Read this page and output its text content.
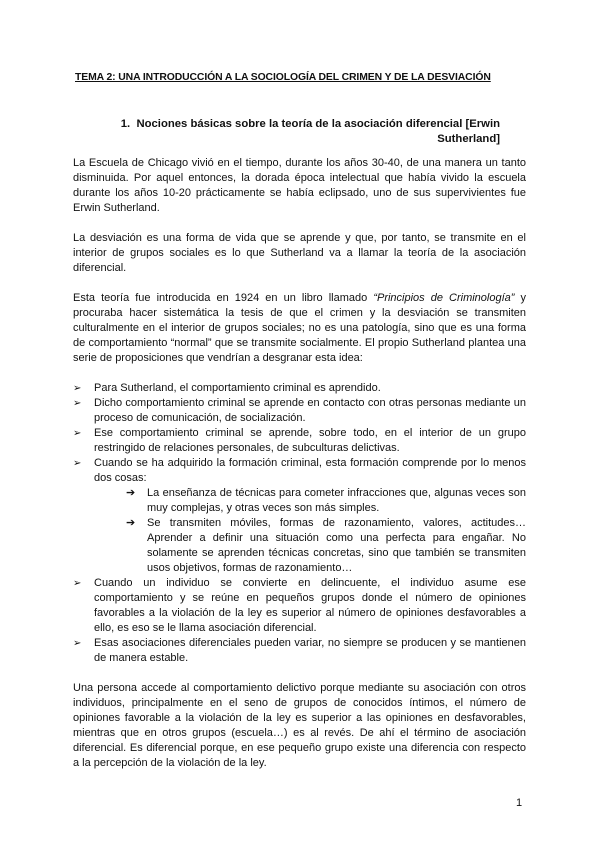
TEMA 2: UNA INTRODUCCIÓN A LA SOCIOLOGÍA DEL CRIMEN Y DE LA DESVIACIÓN
1. Nociones básicas sobre la teoría de la asociación diferencial [Erwin Sutherland]

La Escuela de Chicago vivió en el tiempo, durante los años 30-40, de una manera un tanto disminuida. Por aquel entonces, la dorada época intelectual que había vivido la escuela durante los años 10-20 prácticamente se había eclipsado, uno de sus supervivientes fue Erwin Sutherland.

La desviación es una forma de vida que se aprende y que, por tanto, se transmite en el interior de grupos sociales es lo que Sutherland va a llamar la teoría de la asociación diferencial.

Esta teoría fue introducida en 1924 en un libro llamado “Principios de Criminología” y procuraba hacer sistemática la tesis de que el crimen y la desviación se transmiten culturalmente en el interior de grupos sociales; no es una patología, sino que es una forma de comportamiento “normal” que se transmite socialmente. El propio Sutherland plantea una serie de proposiciones que vendrían a desgranar esta idea:

➢ Para Sutherland, el comportamiento criminal es aprendido.
➢ Dicho comportamiento criminal se aprende en contacto con otras personas mediante un proceso de comunicación, de socialización.
➢ Ese comportamiento criminal se aprende, sobre todo, en el interior de un grupo restringido de relaciones personales, de subculturas delictivas.
➢ Cuando se ha adquirido la formación criminal, esta formación comprende por lo menos dos cosas:
➔ La enseñanza de técnicas para cometer infracciones que, algunas veces son muy complejas, y otras veces son más simples.
➔ Se transmiten móviles, formas de razonamiento, valores, actitudes… Aprender a definir una situación como una perfecta para engañar. No solamente se aprenden técnicas concretas, sino que también se transmiten usos objetivos, formas de razonamiento…
➢ Cuando un individuo se convierte en delincuente, el individuo asume ese comportamiento y se reúne en pequeños grupos donde el número de opiniones favorables a la violación de la ley es superior al número de opiniones desfavorables a ello, es eso se le llama asociación diferencial.
➢ Esas asociaciones diferenciales pueden variar, no siempre se producen y se mantienen de manera estable.

Una persona accede al comportamiento delictivo porque mediante su asociación con otros individuos, principalmente en el seno de grupos de conocidos íntimos, el número de opiniones favorable a la violación de la ley es superior a las opiniones en desfavorables, mientras que en otros grupos (escuela…) es al revés. De ahí el término de asociación diferencial. Es diferencial porque, en ese pequeño grupo existe una diferencia con respecto a la percepción de la violación de la ley.

1
